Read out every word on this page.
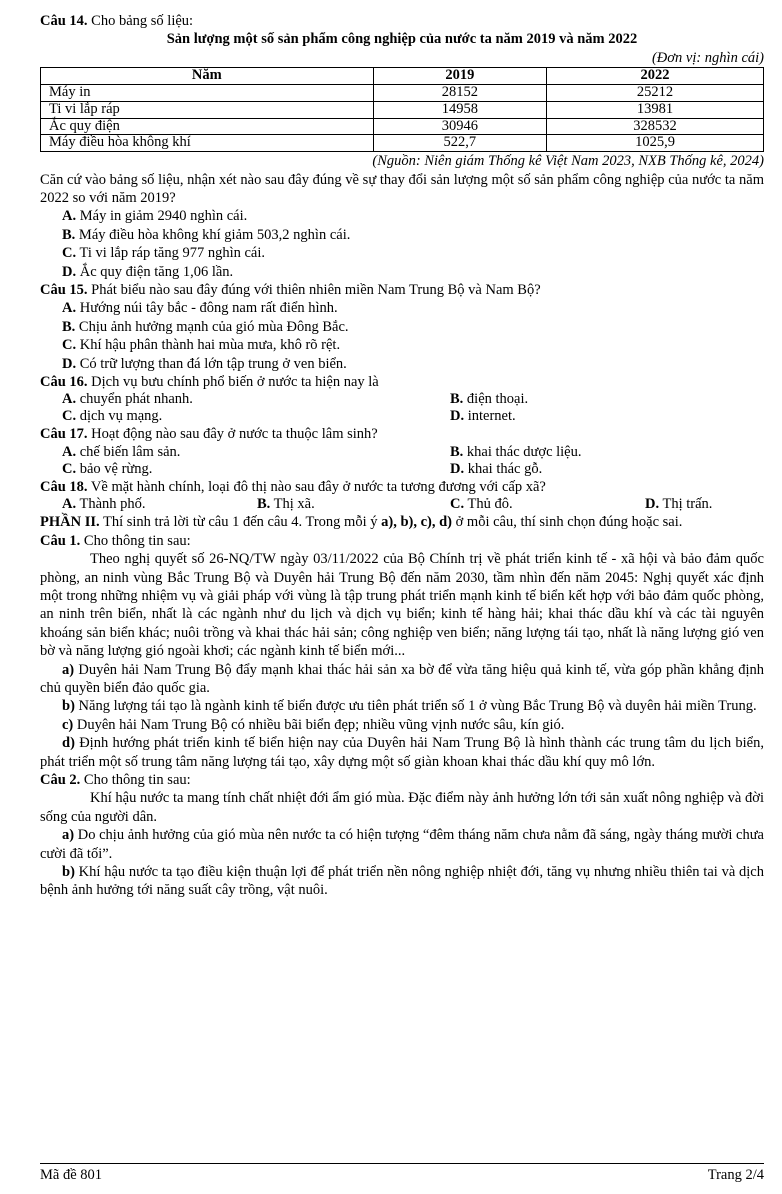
Câu 14. Cho bảng số liệu:

Sản lượng một số sản phẩm công nghiệp của nước ta năm 2019 và năm 2022

(Đơn vị: nghìn cái)

Năm	2019	2022
Máy in	28152	25212
Ti vi lắp ráp	14958	13981
Ắc quy điện	30946	328532
Máy điều hòa không khí	522,7	1025,9

(Nguồn: Niên giám Thống kê Việt Nam 2023, NXB Thống kê, 2024)

Căn cứ vào bảng số liệu, nhận xét nào sau đây đúng về sự thay đổi sản lượng một số sản phẩm công nghiệp của nước ta năm 2022 so với năm 2019?

A. Máy in giảm 2940 nghìn cái.

B. Máy điều hòa không khí giảm 503,2 nghìn cái.

C. Ti vi lắp ráp tăng 977 nghìn cái.

D. Ắc quy điện tăng 1,06 lần.

Câu 15. Phát biểu nào sau đây đúng với thiên nhiên miền Nam Trung Bộ và Nam Bộ?

A. Hướng núi tây bắc - đông nam rất điển hình.

B. Chịu ảnh hưởng mạnh của gió mùa Đông Bắc.

C. Khí hậu phân thành hai mùa mưa, khô rõ rệt.

D. Có trữ lượng than đá lớn tập trung ở ven biển.

Câu 16. Dịch vụ bưu chính phổ biến ở nước ta hiện nay là

A. chuyển phát nhanh.	B. điện thoại.
C. dịch vụ mạng.	D. internet.

Câu 17. Hoạt động nào sau đây ở nước ta thuộc lâm sinh?

A. chế biến lâm sản.	B. khai thác dược liệu.
C. bảo vệ rừng.	D. khai thác gỗ.

Câu 18. Về mặt hành chính, loại đô thị nào sau đây ở nước ta tương đương với cấp xã?

A. Thành phố.	B. Thị xã.	C. Thủ đô.	D. Thị trấn.

PHẦN II. Thí sinh trả lời từ câu 1 đến câu 4. Trong mỗi ý a), b), c), d) ở mỗi câu, thí sinh chọn đúng hoặc sai.

Câu 1. Cho thông tin sau:

Theo nghị quyết số 26-NQ/TW ngày 03/11/2022 của Bộ Chính trị về phát triển kinh tế - xã hội và bảo đảm quốc phòng, an ninh vùng Bắc Trung Bộ và Duyên hải Trung Bộ đến năm 2030, tầm nhìn đến năm 2045: Nghị quyết xác định một trong những nhiệm vụ và giải pháp với vùng là tập trung phát triển mạnh kinh tế biển kết hợp với bảo đảm quốc phòng, an ninh trên biển, nhất là các ngành như du lịch và dịch vụ biển; kinh tế hàng hải; khai thác dầu khí và các tài nguyên khoáng sản biển khác; nuôi trồng và khai thác hải sản; công nghiệp ven biển; năng lượng tái tạo, nhất là năng lượng gió ven bờ và năng lượng gió ngoài khơi; các ngành kinh tế biển mới...

a) Duyên hải Nam Trung Bộ đẩy mạnh khai thác hải sản xa bờ để vừa tăng hiệu quả kinh tế, vừa góp phần khẳng định chủ quyền biển đảo quốc gia.

b) Năng lượng tái tạo là ngành kinh tế biển được ưu tiên phát triển số 1 ở vùng Bắc Trung Bộ và duyên hải miền Trung.

c) Duyên hải Nam Trung Bộ có nhiều bãi biển đẹp; nhiều vũng vịnh nước sâu, kín gió.

d) Định hướng phát triển kinh tế biển hiện nay của Duyên hải Nam Trung Bộ là hình thành các trung tâm du lịch biển, phát triển một số trung tâm năng lượng tái tạo, xây dựng một số giàn khoan khai thác dầu khí quy mô lớn.

Câu 2. Cho thông tin sau:

Khí hậu nước ta mang tính chất nhiệt đới ẩm gió mùa. Đặc điểm này ảnh hưởng lớn tới sản xuất nông nghiệp và đời sống của người dân.

a) Do chịu ảnh hưởng của gió mùa nên nước ta có hiện tượng “đêm tháng năm chưa nằm đã sáng, ngày tháng mười chưa cười đã tối”.

b) Khí hậu nước ta tạo điều kiện thuận lợi để phát triển nền nông nghiệp nhiệt đới, tăng vụ nhưng nhiều thiên tai và dịch bệnh ảnh hưởng tới năng suất cây trồng, vật nuôi.

Mã đề 801	Trang 2/4
